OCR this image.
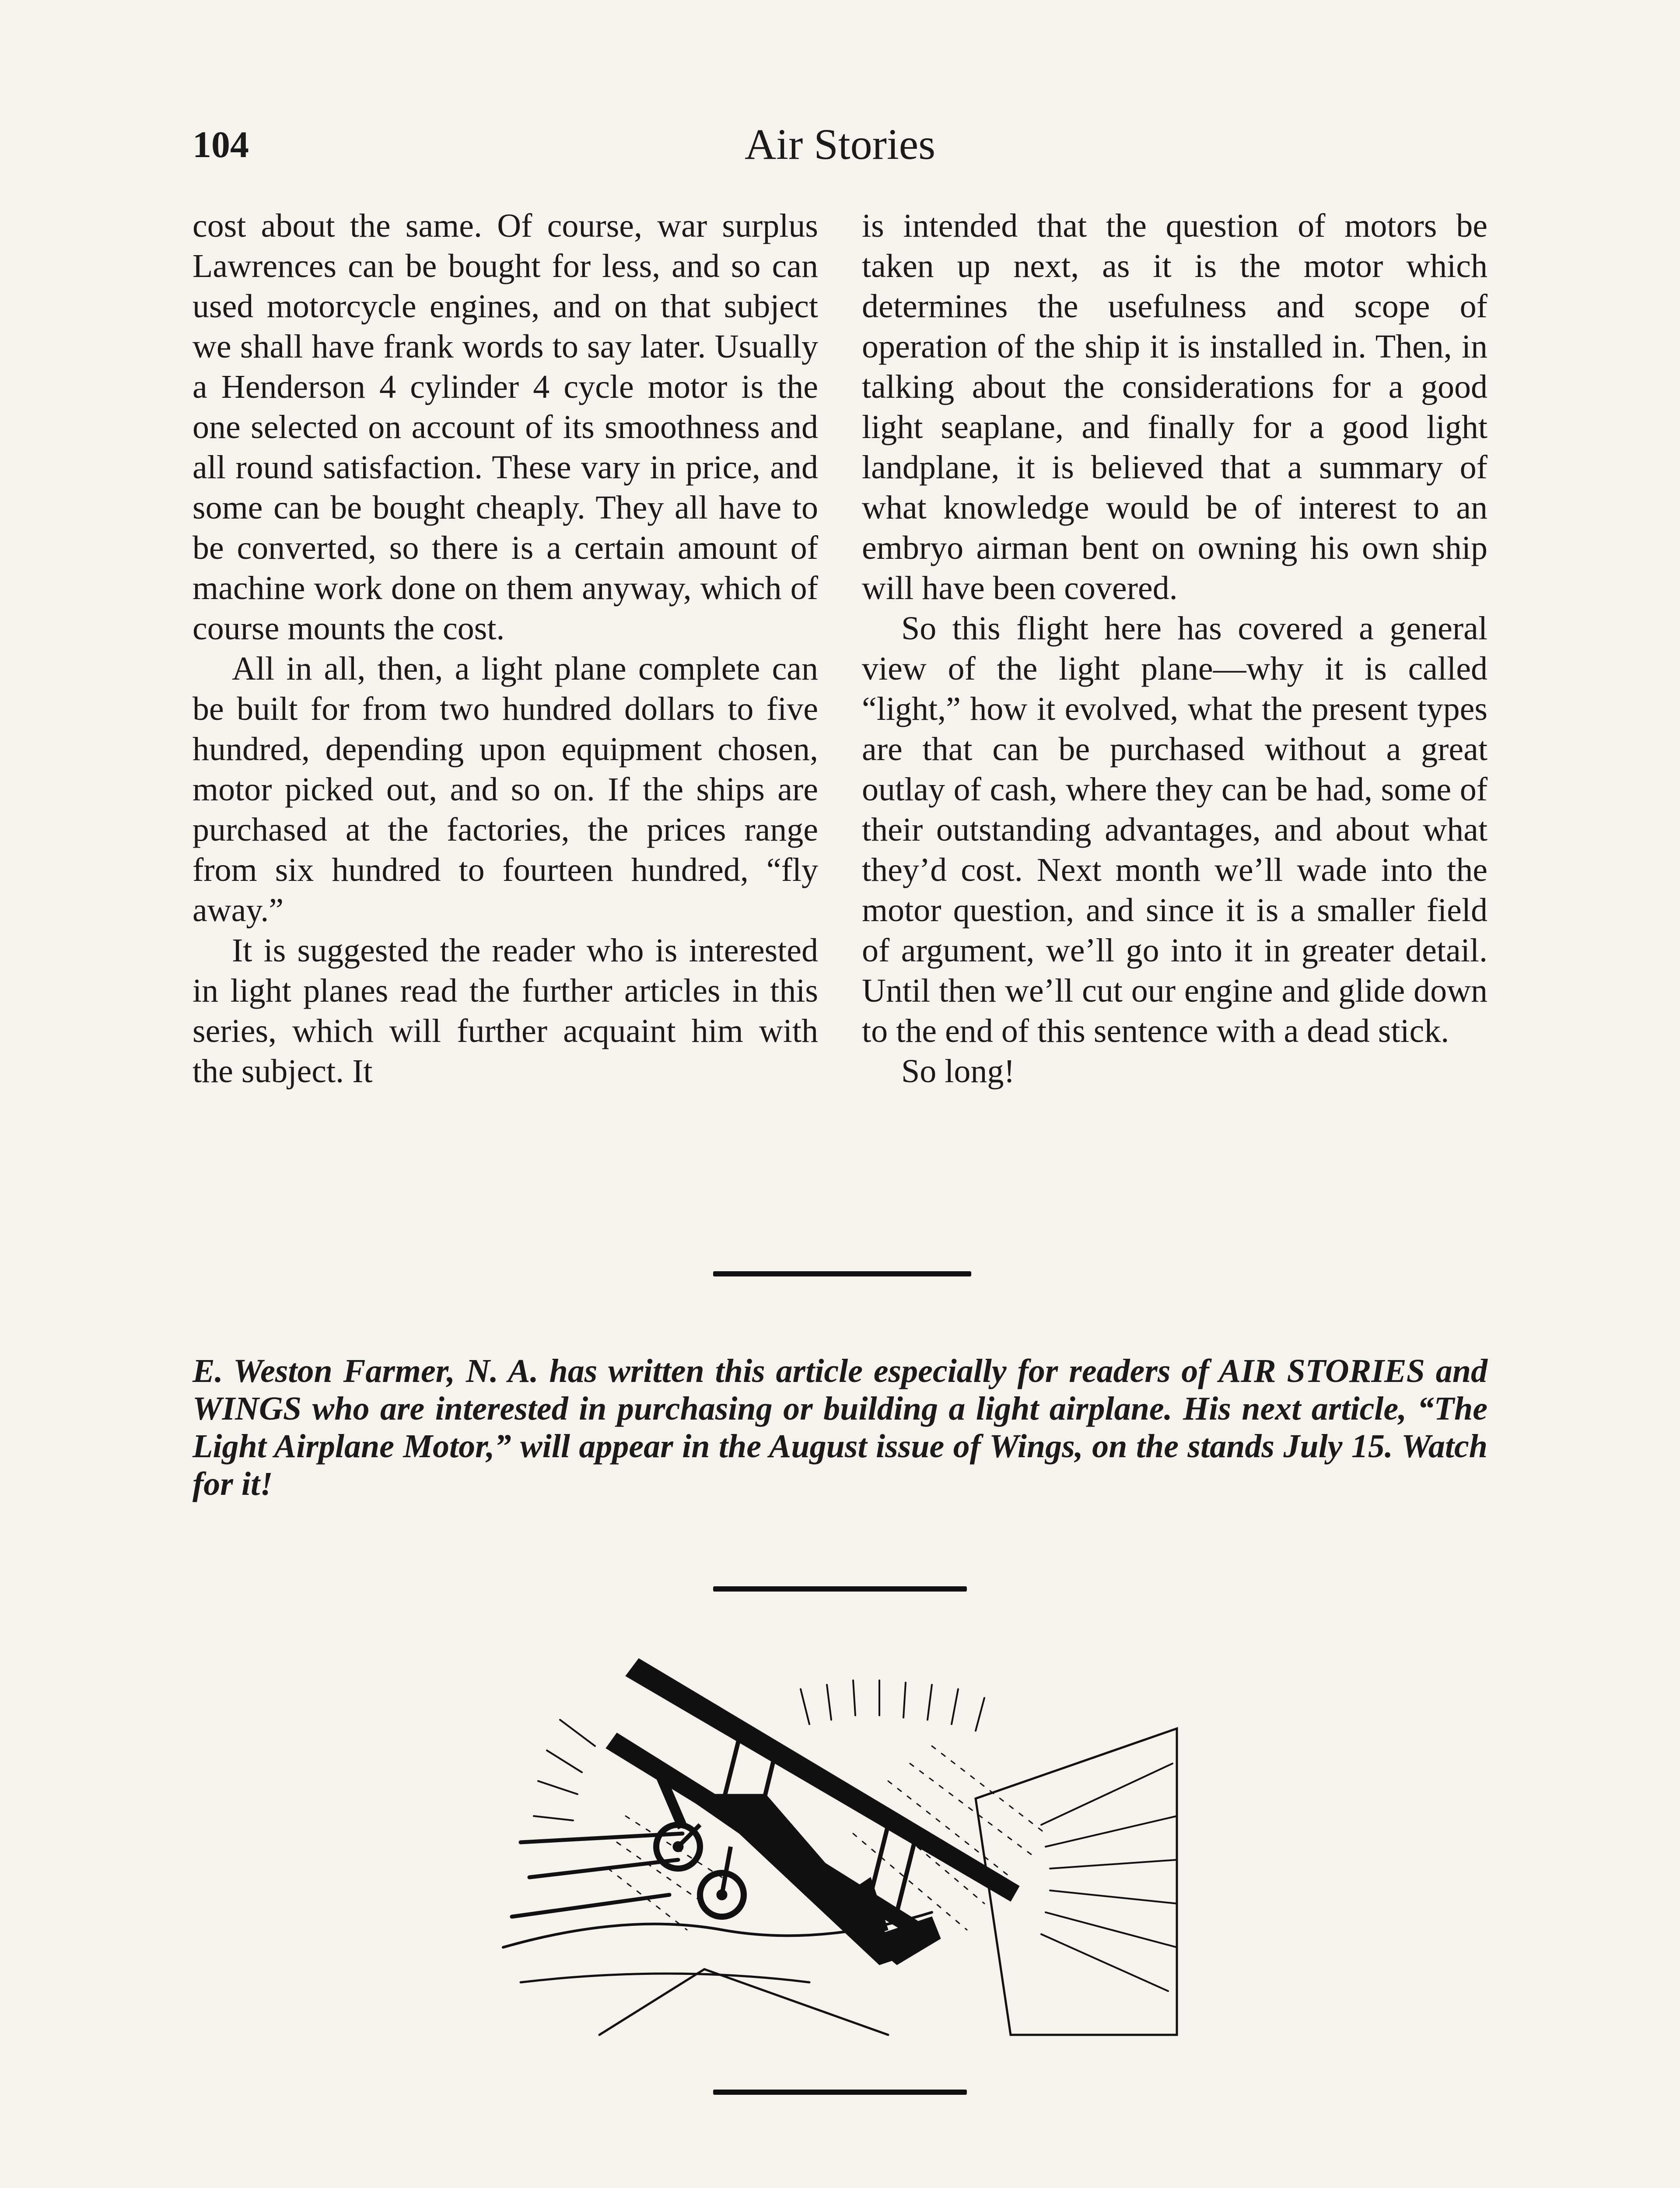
104	Air Stories

cost about the same. Of course, war surplus Lawrences can be bought for less, and so can used motorcycle engines, and on that subject we shall have frank words to say later. Usually a Henderson 4 cylinder 4 cycle motor is the one selected on account of its smoothness and all round satisfaction. These vary in price, and some can be bought cheaply. They all have to be converted, so there is a certain amount of machine work done on them anyway, which of course mounts the cost.

All in all, then, a light plane complete can be built for from two hundred dollars to five hundred, depending upon equipment chosen, motor picked out, and so on. If the ships are purchased at the factories, the prices range from six hundred to fourteen hundred, “fly away.”

It is suggested the reader who is interested in light planes read the further articles in this series, which will further acquaint him with the subject. It

is intended that the question of motors be taken up next, as it is the motor which determines the usefulness and scope of operation of the ship it is installed in. Then, in talking about the considerations for a good light seaplane, and finally for a good light landplane, it is believed that a summary of what knowledge would be of interest to an embryo airman bent on owning his own ship will have been covered.

So this flight here has covered a general view of the light plane—why it is called “light,” how it evolved, what the present types are that can be purchased without a great outlay of cash, where they can be had, some of their outstanding advantages, and about what they’d cost. Next month we’ll wade into the motor question, and since it is a smaller field of argument, we’ll go into it in greater detail. Until then we’ll cut our engine and glide down to the end of this sentence with a dead stick.

So long!

E. Weston Farmer, N. A. has written this article especially for readers of AIR STORIES and WINGS who are interested in purchasing or building a light airplane. His next article, “The Light Airplane Motor,” will appear in the August issue of Wings, on the stands July 15. Watch for it!
